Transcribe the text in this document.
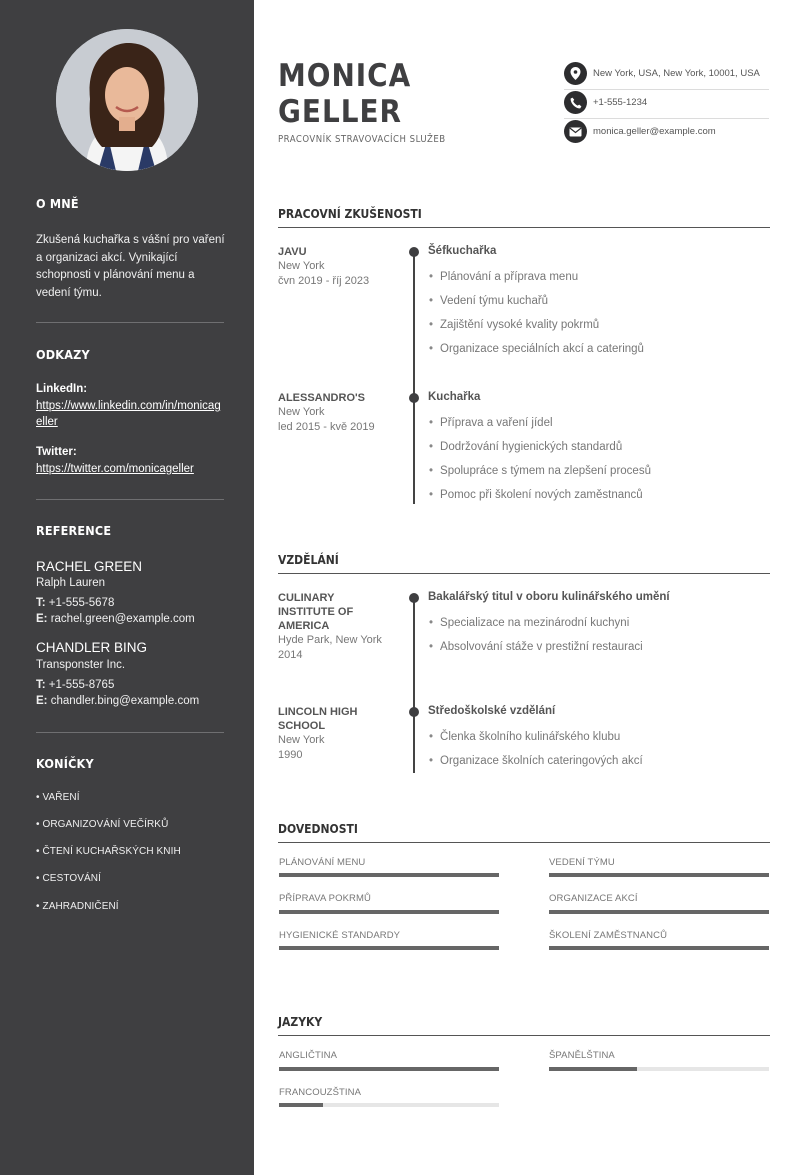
O MNĚ
Zkušená kuchařka s vášní pro vaření a organizaci akcí. Vynikající schopnosti v plánování menu a vedení týmu.
ODKAZY
LinkedIn:
https://www.linkedin.com/in/monicageller
Twitter:
https://twitter.com/monicageller
REFERENCE
RACHEL GREEN
Ralph Lauren
T: +1-555-5678
E: rachel.green@example.com
CHANDLER BING
Transponster Inc.
T: +1-555-8765
E: chandler.bing@example.com
KONÍČKY
• VAŘENÍ
• ORGANIZOVÁNÍ VEČÍRKŮ
• ČTENÍ KUCHAŘSKÝCH KNIH
• CESTOVÁNÍ
• ZAHRADNIČENÍ
MONICA
GELLER
PRACOVNÍK STRAVOVACÍCH SLUŽEB
New York, USA, New York, 10001, USA
+1-555-1234
monica.geller@example.com
PRACOVNÍ ZKUŠENOSTI
JAVU
New York
čvn 2019 - říj 2023
Šéfkuchařka
• Plánování a příprava menu
• Vedení týmu kuchařů
• Zajištění vysoké kvality pokrmů
• Organizace speciálních akcí a cateringů
ALESSANDRO'S
New York
led 2015 - kvě 2019
Kuchařka
• Příprava a vaření jídel
• Dodržování hygienických standardů
• Spolupráce s týmem na zlepšení procesů
• Pomoc při školení nových zaměstnanců
VZDĚLÁNÍ
CULINARY
INSTITUTE OF
AMERICA
Hyde Park, New York
2014
Bakalářský titul v oboru kulinářského umění
• Specializace na mezinárodní kuchyni
• Absolvování stáže v prestižní restauraci
LINCOLN HIGH
SCHOOL
New York
1990
Středoškolské vzdělání
• Členka školního kulinářského klubu
• Organizace školních cateringových akcí
DOVEDNOSTI
PLÁNOVÁNÍ MENU	VEDENÍ TÝMU
PŘÍPRAVA POKRMŮ	ORGANIZACE AKCÍ
HYGIENICKÉ STANDARDY	ŠKOLENÍ ZAMĚSTNANCŮ
JAZYKY
ANGLIČTINA	ŠPANĚLŠTINA
FRANCOUZŠTINA
